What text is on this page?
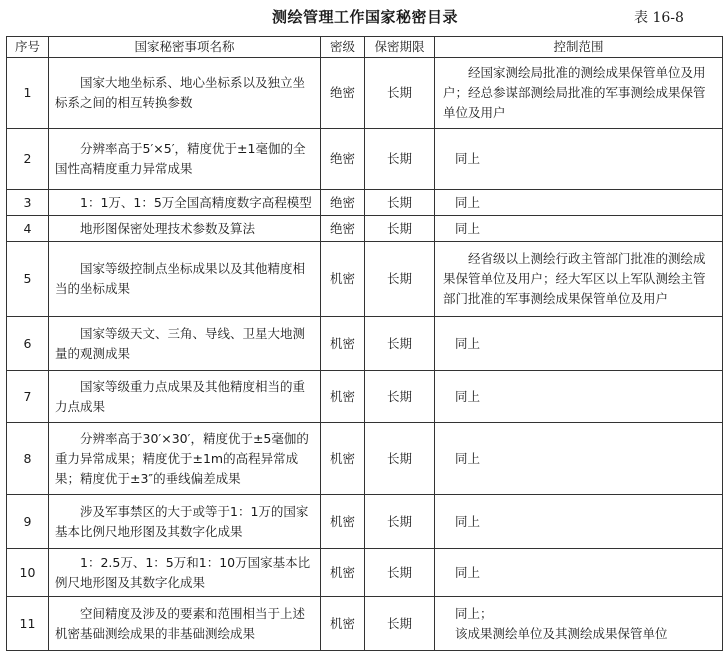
测绘管理工作国家秘密目录	表 16-8
序号	国家秘密事项名称	密级	保密期限	控制范围
1	国家大地坐标系、地心坐标系以及独立坐标系之间的相互转换参数	绝密	长期	经国家测绘局批准的测绘成果保管单位及用户；经总参谋部测绘局批准的军事测绘成果保管单位及用户
2	分辨率高于5′×5′，精度优于±1毫伽的全国性高精度重力异常成果	绝密	长期	同上
3	1：1万、1：5万全国高精度数字高程模型	绝密	长期	同上
4	地形图保密处理技术参数及算法	绝密	长期	同上
5	国家等级控制点坐标成果以及其他精度相当的坐标成果	机密	长期	经省级以上测绘行政主管部门批准的测绘成果保管单位及用户；经大军区以上军队测绘主管部门批准的军事测绘成果保管单位及用户
6	国家等级天文、三角、导线、卫星大地测量的观测成果	机密	长期	同上
7	国家等级重力点成果及其他精度相当的重力点成果	机密	长期	同上
8	分辨率高于30′×30′，精度优于±5毫伽的重力异常成果；精度优于±1m的高程异常成果；精度优于±3″的垂线偏差成果	机密	长期	同上
9	涉及军事禁区的大于或等于1：1万的国家基本比例尺地形图及其数字化成果	机密	长期	同上
10	1：2.5万、1：5万和1：10万国家基本比例尺地形图及其数字化成果	机密	长期	同上
11	空间精度及涉及的要素和范围相当于上述机密基础测绘成果的非基础测绘成果	机密	长期	同上；
该成果测绘单位及其测绘成果保管单位
